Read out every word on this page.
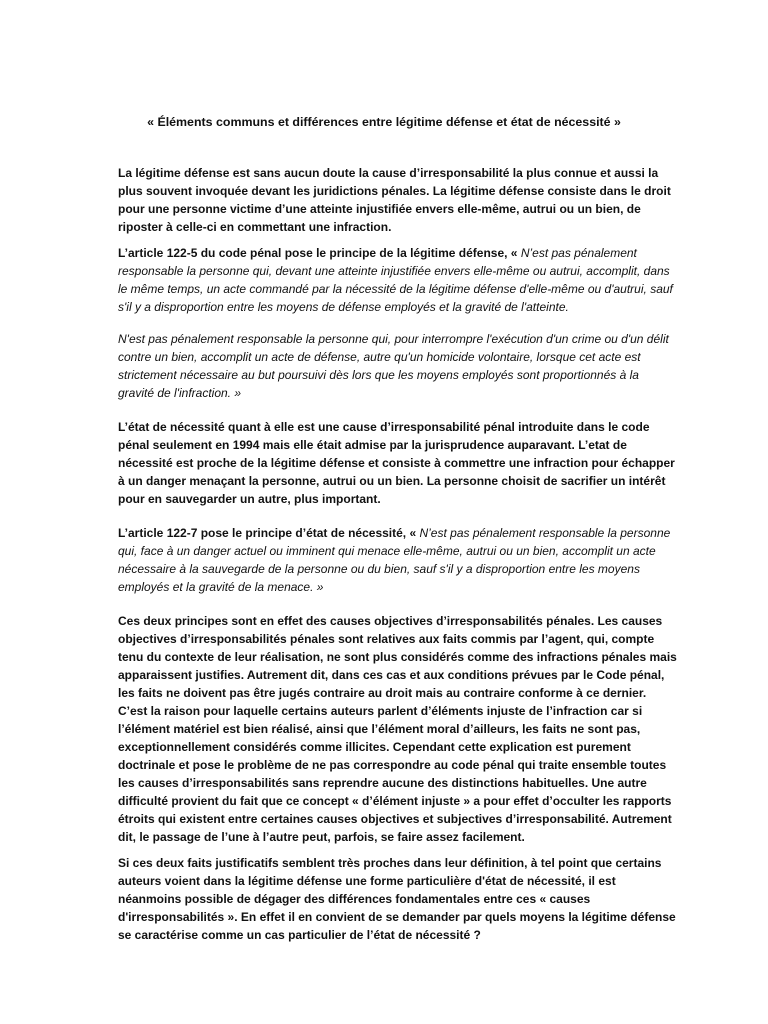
« Éléments communs et différences entre légitime défense et état de nécessité »

La légitime défense est sans aucun doute la cause d’irresponsabilité la plus connue et aussi la plus souvent invoquée devant les juridictions pénales. La légitime défense consiste dans le droit pour une personne victime d’une atteinte injustifiée envers elle-même, autrui ou un bien, de riposter à celle-ci en commettant une infraction.

L’article 122-5 du code pénal pose le principe de la légitime défense, « N’est pas pénalement responsable la personne qui, devant une atteinte injustifiée envers elle-même ou autrui, accomplit, dans le même temps, un acte commandé par la nécessité de la légitime défense d'elle-même ou d'autrui, sauf s'il y a disproportion entre les moyens de défense employés et la gravité de l'atteinte.

N'est pas pénalement responsable la personne qui, pour interrompre l'exécution d'un crime ou d'un délit contre un bien, accomplit un acte de défense, autre qu'un homicide volontaire, lorsque cet acte est strictement nécessaire au but poursuivi dès lors que les moyens employés sont proportionnés à la gravité de l'infraction. »

L’état de nécessité quant à elle est une cause d’irresponsabilité pénal introduite dans le code pénal seulement en 1994 mais elle était admise par la jurisprudence auparavant. L’etat de nécessité est proche de la légitime défense et consiste à commettre une infraction pour échapper à un danger menaçant la personne, autrui ou un bien. La personne choisit de sacrifier un intérêt pour en sauvegarder un autre, plus important.

L’article 122-7 pose le principe d’état de nécessité, « N’est pas pénalement responsable la personne qui, face à un danger actuel ou imminent qui menace elle-même, autrui ou un bien, accomplit un acte nécessaire à la sauvegarde de la personne ou du bien, sauf s'il y a disproportion entre les moyens employés et la gravité de la menace. »

Ces deux principes sont en effet des causes objectives d’irresponsabilités pénales. Les causes objectives d’irresponsabilités pénales sont relatives aux faits commis par l’agent, qui, compte tenu du contexte de leur réalisation, ne sont plus considérés comme des infractions pénales mais apparaissent justifies. Autrement dit, dans ces cas et aux conditions prévues par le Code pénal, les faits ne doivent pas être jugés contraire au droit mais au contraire conforme à ce dernier. C’est la raison pour laquelle certains auteurs parlent d’éléments injuste de l’infraction car si l’élément matériel est bien réalisé, ainsi que l’élément moral d’ailleurs, les faits ne sont pas, exceptionnellement considérés comme illicites. Cependant cette explication est purement doctrinale et pose le problème de ne pas correspondre au code pénal qui traite ensemble toutes les causes d’irresponsabilités sans reprendre aucune des distinctions habituelles. Une autre difficulté provient du fait que ce concept « d’élément injuste » a pour effet d’occulter les rapports étroits qui existent entre certaines causes objectives et subjectives d’irresponsabilité. Autrement dit, le passage de l’une à l’autre peut, parfois, se faire assez facilement.

Si ces deux faits justificatifs semblent très proches dans leur définition, à tel point que certains auteurs voient dans la légitime défense une forme particulière d'état de nécessité, il est néanmoins possible de dégager des différences fondamentales entre ces « causes d'irresponsabilités ». En effet il en convient de se demander par quels moyens la légitime défense se caractérise comme un cas particulier de l’état de nécessité ?
